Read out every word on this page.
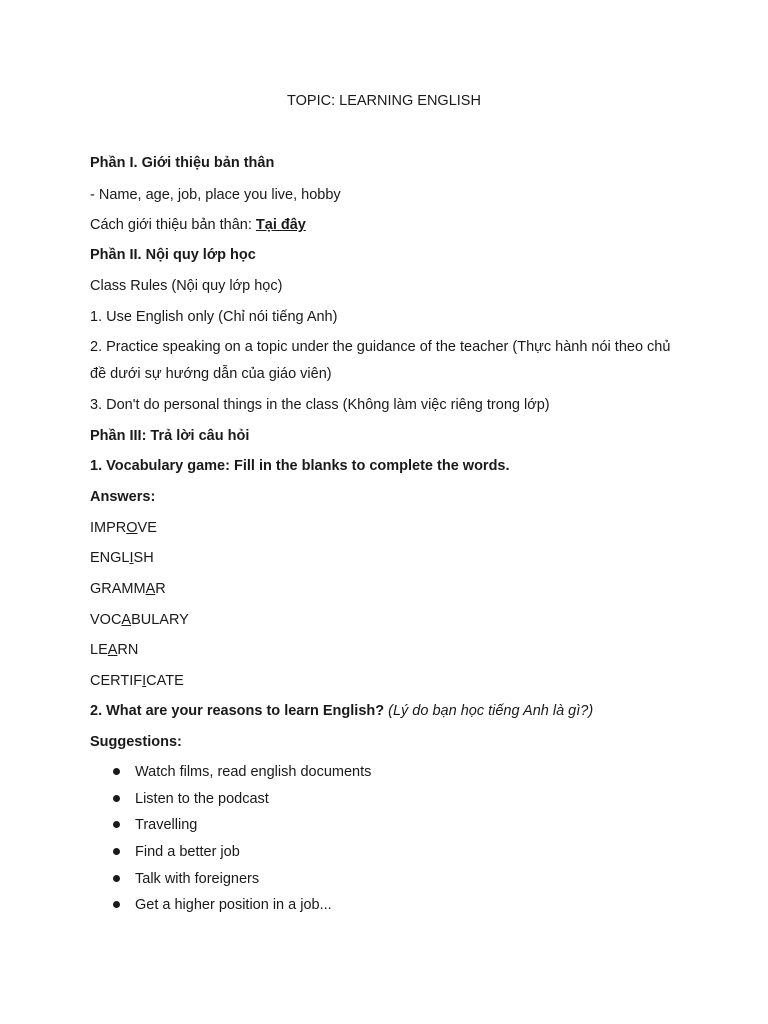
TOPIC: LEARNING ENGLISH
Phần I. Giới thiệu bản thân
- Name, age, job, place you live, hobby
Cách giới thiệu bản thân: Tại đây
Phần II. Nội quy lớp học
Class Rules (Nội quy lớp học)
1. Use English only (Chỉ nói tiếng Anh)
2. Practice speaking on a topic under the guidance of the teacher (Thực hành nói theo chủ đề dưới sự hướng dẫn của giáo viên)
3. Don't do personal things in the class (Không làm việc riêng trong lớp)
Phần III: Trả lời câu hỏi
1. Vocabulary game: Fill in the blanks to complete the words.
Answers:
IMPROVE
ENGLISH
GRAMMAR
VOCABULARY
LEARN
CERTIFICATE
2. What are your reasons to learn English? (Lý do bạn học tiếng Anh là gì?)
Suggestions:
Watch films, read english documents
Listen to the podcast
Travelling
Find a better job
Talk with foreigners
Get a higher position in a job...
